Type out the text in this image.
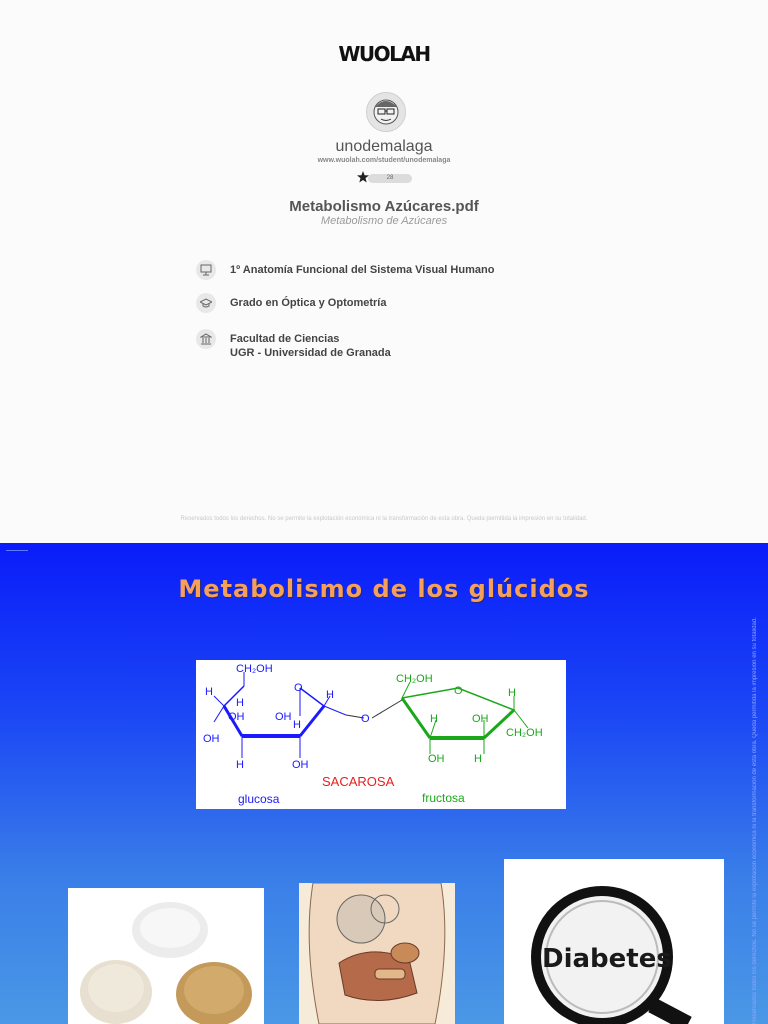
WUOLAH
unodemalaga
www.wuolah.com/student/unodemalaga
28
Metabolismo Azúcares.pdf
Metabolismo de Azúcares
1º Anatomía Funcional del Sistema Visual Humano
Grado en Óptica y Optometría
Facultad de Ciencias
UGR - Universidad de Granada
Reservados todos los derechos. No se permite la explotación económica ni la transformación de esta obra. Queda permitida la impresión en su totalidad.
Metabolismo de los glúcidos
CH₂OH
O
H
H
OH
OH
H
H
OH
H	OH
O
CH₂OH
O	H
H	OH
CH₂OH
OH	H
SACAROSA
glucosa	fructosa
Diabetes	Reservados todos los derechos. No se permite la explotación económica ni la transformación de esta obra. Queda permitida la impresión en su totalidad.
